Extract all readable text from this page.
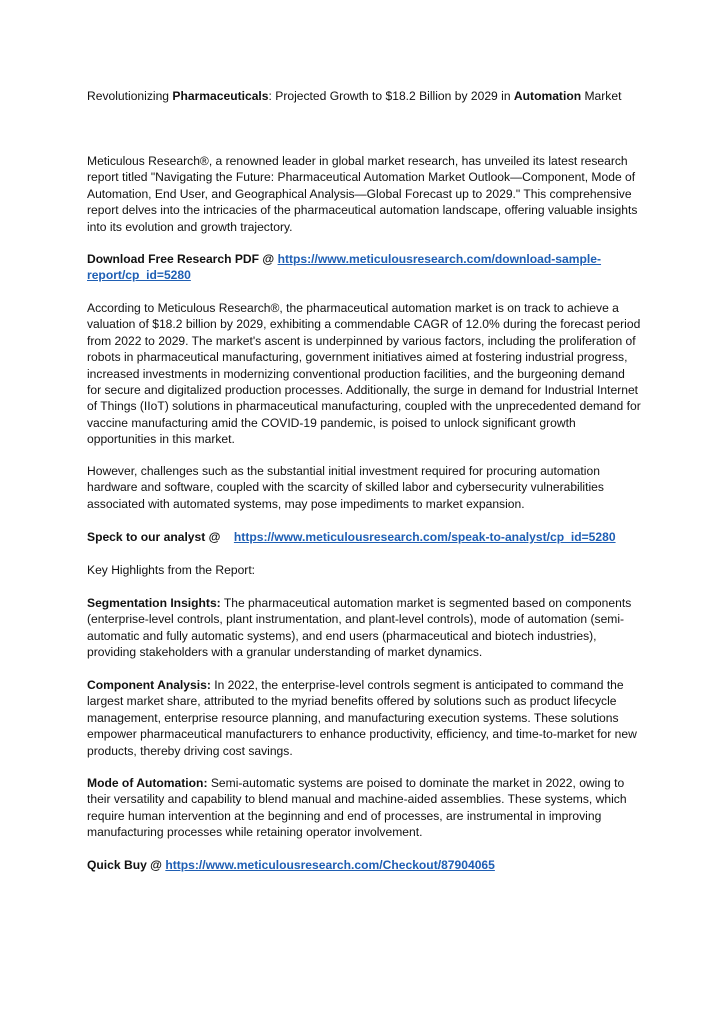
Revolutionizing Pharmaceuticals: Projected Growth to $18.2 Billion by 2029 in Automation Market

Meticulous Research®, a renowned leader in global market research, has unveiled its latest research report titled "Navigating the Future: Pharmaceutical Automation Market Outlook—Component, Mode of Automation, End User, and Geographical Analysis—Global Forecast up to 2029." This comprehensive report delves into the intricacies of the pharmaceutical automation landscape, offering valuable insights into its evolution and growth trajectory.

Download Free Research PDF @ https://www.meticulousresearch.com/download-sample-report/cp_id=5280

According to Meticulous Research®, the pharmaceutical automation market is on track to achieve a valuation of $18.2 billion by 2029, exhibiting a commendable CAGR of 12.0% during the forecast period from 2022 to 2029. The market's ascent is underpinned by various factors, including the proliferation of robots in pharmaceutical manufacturing, government initiatives aimed at fostering industrial progress, increased investments in modernizing conventional production facilities, and the burgeoning demand for secure and digitalized production processes. Additionally, the surge in demand for Industrial Internet of Things (IIoT) solutions in pharmaceutical manufacturing, coupled with the unprecedented demand for vaccine manufacturing amid the COVID-19 pandemic, is poised to unlock significant growth opportunities in this market.

However, challenges such as the substantial initial investment required for procuring automation hardware and software, coupled with the scarcity of skilled labor and cybersecurity vulnerabilities associated with automated systems, may pose impediments to market expansion.

Speck to our analyst @ https://www.meticulousresearch.com/speak-to-analyst/cp_id=5280

Key Highlights from the Report:

Segmentation Insights: The pharmaceutical automation market is segmented based on components (enterprise-level controls, plant instrumentation, and plant-level controls), mode of automation (semi-automatic and fully automatic systems), and end users (pharmaceutical and biotech industries), providing stakeholders with a granular understanding of market dynamics.

Component Analysis: In 2022, the enterprise-level controls segment is anticipated to command the largest market share, attributed to the myriad benefits offered by solutions such as product lifecycle management, enterprise resource planning, and manufacturing execution systems. These solutions empower pharmaceutical manufacturers to enhance productivity, efficiency, and time-to-market for new products, thereby driving cost savings.

Mode of Automation: Semi-automatic systems are poised to dominate the market in 2022, owing to their versatility and capability to blend manual and machine-aided assemblies. These systems, which require human intervention at the beginning and end of processes, are instrumental in improving manufacturing processes while retaining operator involvement.

Quick Buy @ https://www.meticulousresearch.com/Checkout/87904065
